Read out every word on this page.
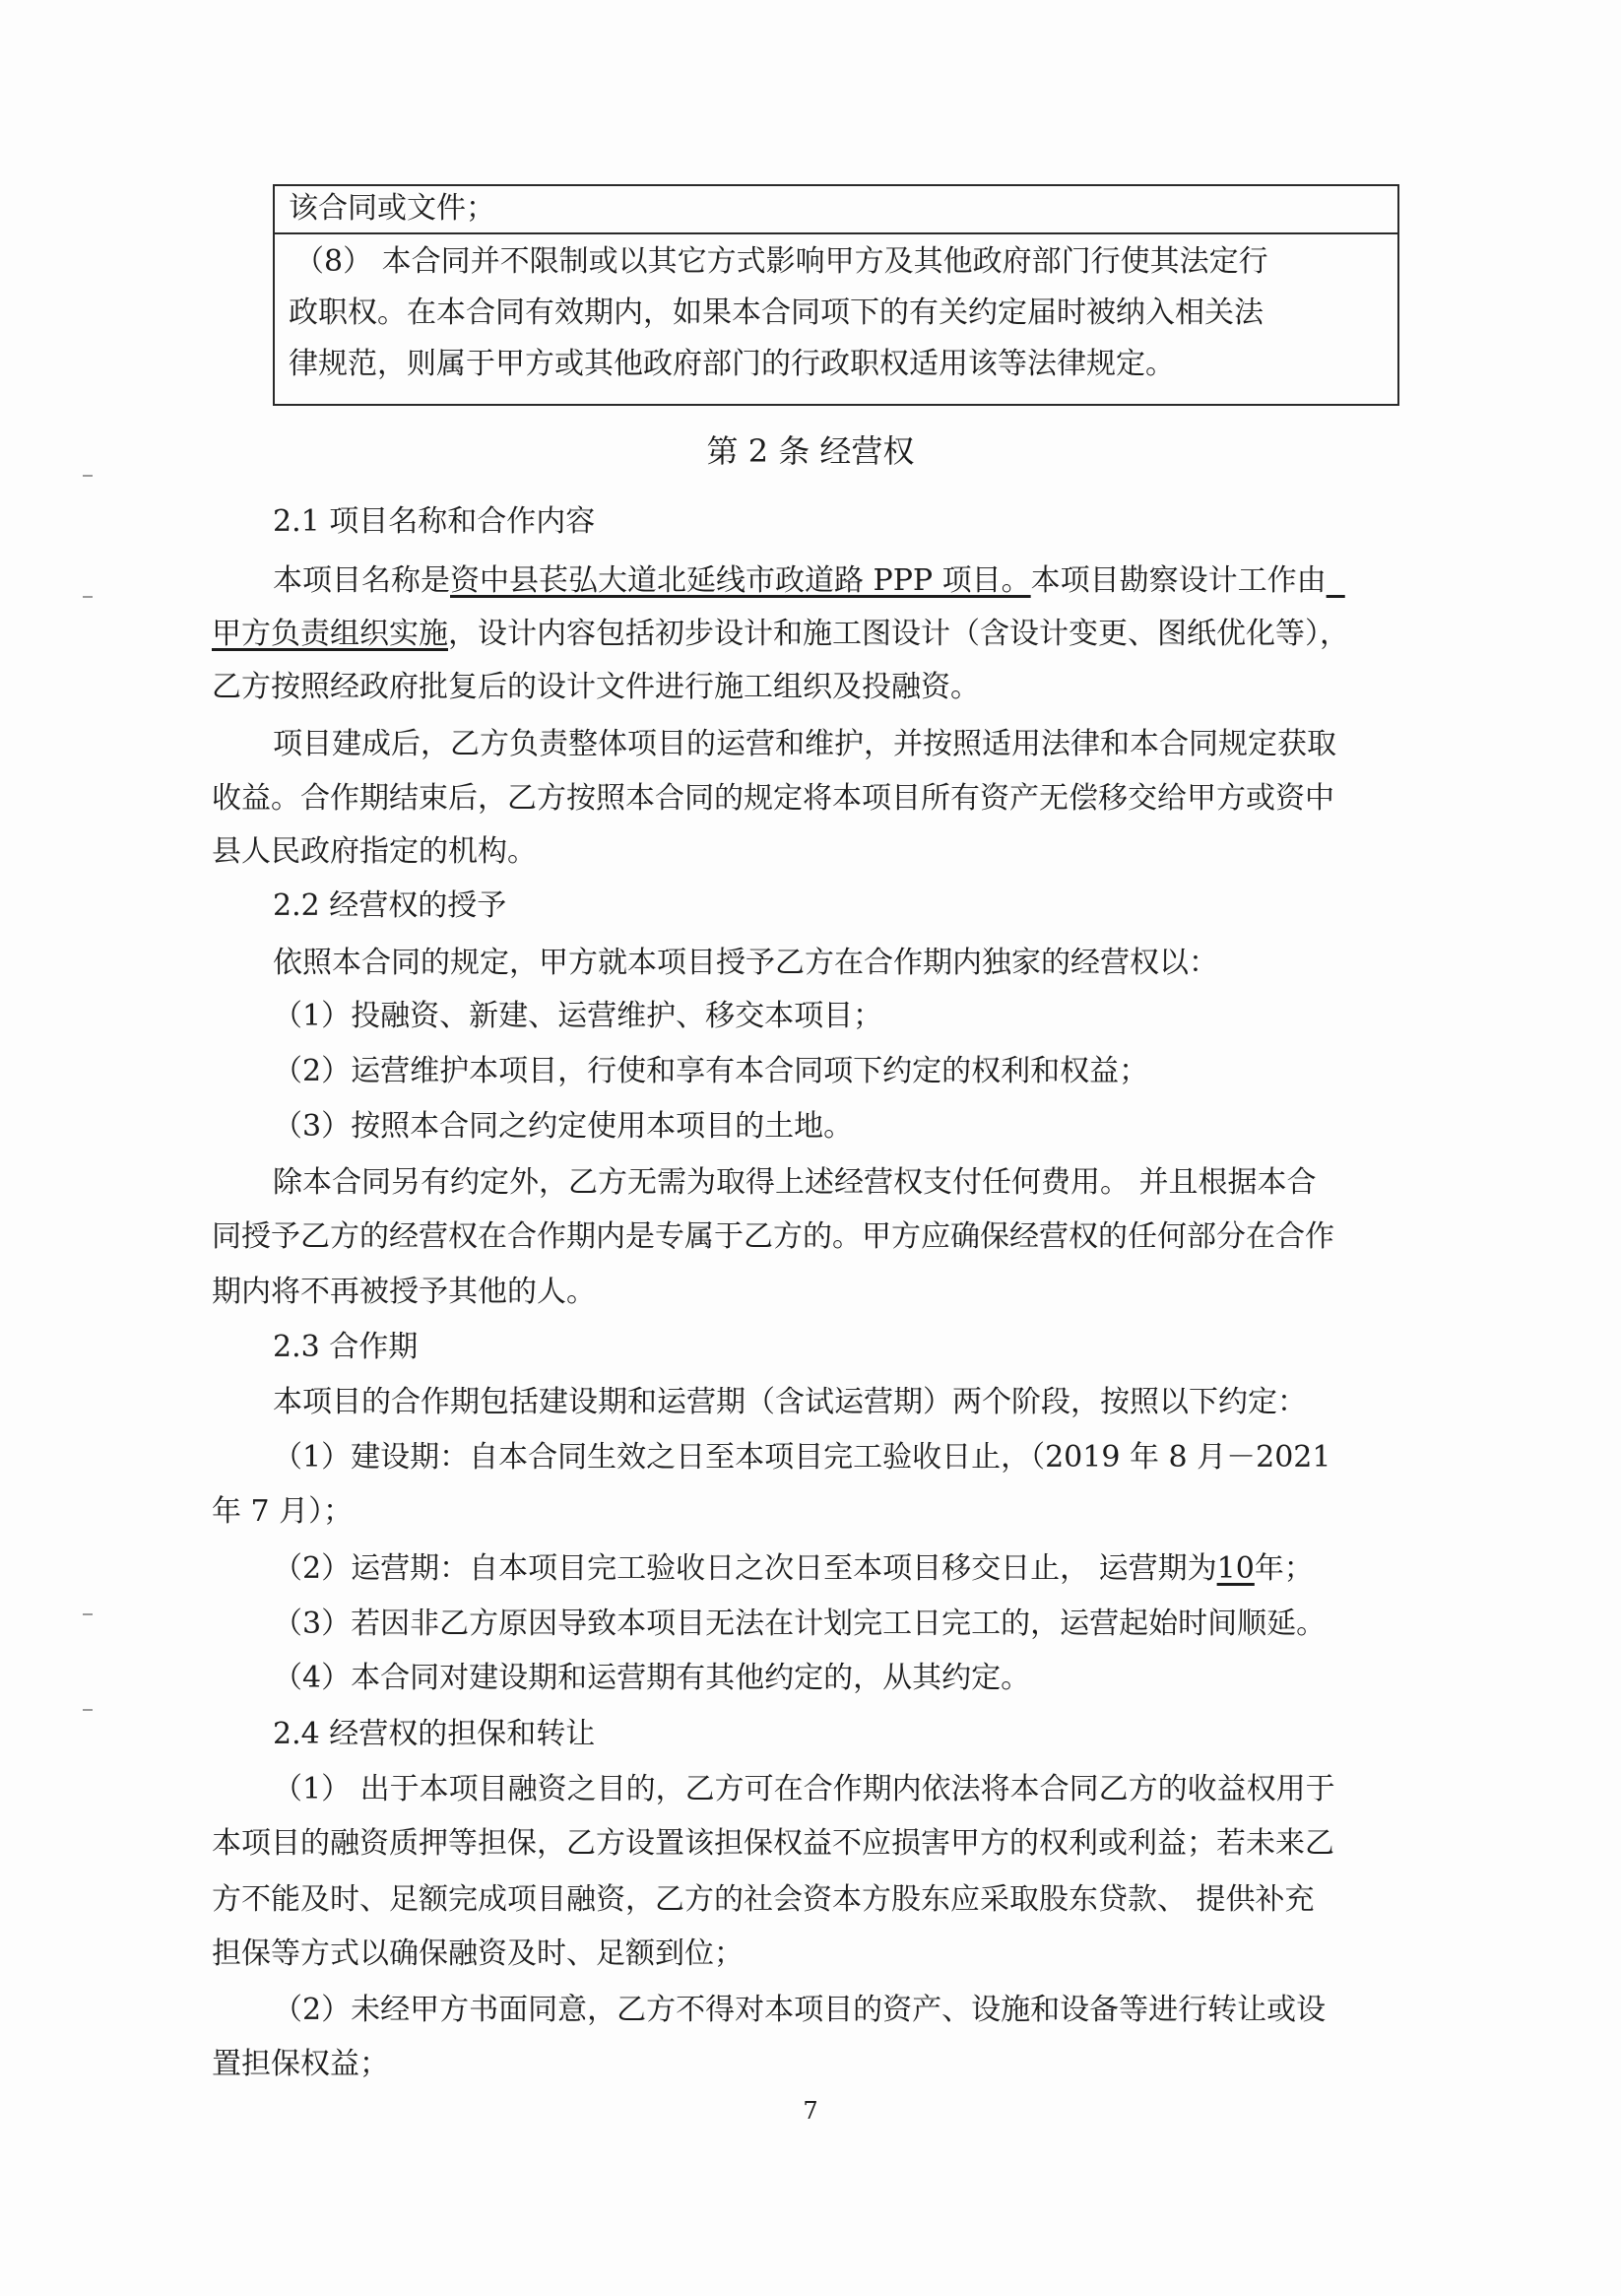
该合同或文件；

（8） 本合同并不限制或以其它方式影响甲方及其他政府部门行使其法定行

政职权。在本合同有效期内，如果本合同项下的有关约定届时被纳入相关法

律规范，则属于甲方或其他政府部门的行政职权适用该等法律规定。

第 2 条 经营权

2.1 项目名称和合作内容

本项目名称是资中县苌弘大道北延线市政道路 PPP 项目。本项目勘察设计工作由

甲方负责组织实施，设计内容包括初步设计和施工图设计（含设计变更、图纸优化等），

乙方按照经政府批复后的设计文件进行施工组织及投融资。

项目建成后，乙方负责整体项目的运营和维护，并按照适用法律和本合同规定获取

收益。合作期结束后，乙方按照本合同的规定将本项目所有资产无偿移交给甲方或资中

县人民政府指定的机构。

2.2 经营权的授予

依照本合同的规定，甲方就本项目授予乙方在合作期内独家的经营权以：

（1）投融资、新建、运营维护、移交本项目；

（2）运营维护本项目，行使和享有本合同项下约定的权利和权益；

（3）按照本合同之约定使用本项目的土地。

除本合同另有约定外，乙方无需为取得上述经营权支付任何费用。 并且根据本合

同授予乙方的经营权在合作期内是专属于乙方的。甲方应确保经营权的任何部分在合作

期内将不再被授予其他的人。

2.3 合作期

本项目的合作期包括建设期和运营期（含试运营期）两个阶段，按照以下约定：

（1）建设期：自本合同生效之日至本项目完工验收日止，（2019 年 8 月－2021

年 7 月）；

（2）运营期：自本项目完工验收日之次日至本项目移交日止， 运营期为10年；

（3）若因非乙方原因导致本项目无法在计划完工日完工的，运营起始时间顺延。

（4）本合同对建设期和运营期有其他约定的，从其约定。

2.4 经营权的担保和转让

（1） 出于本项目融资之目的，乙方可在合作期内依法将本合同乙方的收益权用于

本项目的融资质押等担保，乙方设置该担保权益不应损害甲方的权利或利益；若未来乙

方不能及时、足额完成项目融资，乙方的社会资本方股东应采取股东贷款、 提供补充

担保等方式以确保融资及时、足额到位；

（2）未经甲方书面同意，乙方不得对本项目的资产、设施和设备等进行转让或设

置担保权益；

7
